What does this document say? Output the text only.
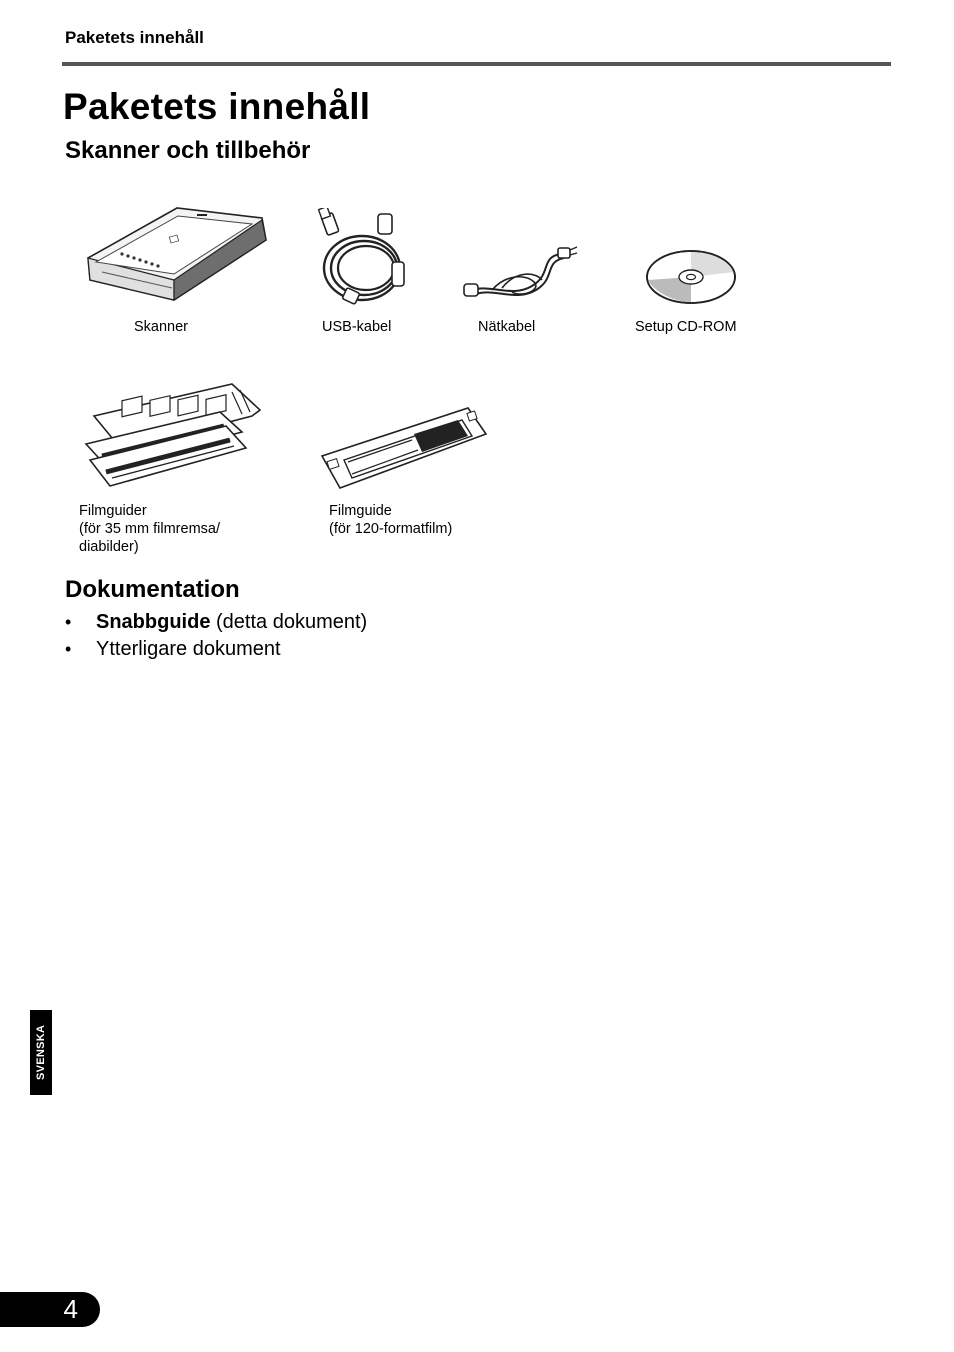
Paketets innehåll
Paketets innehåll
Skanner och tillbehör
Skanner	USB-kabel	Nätkabel	Setup CD-ROM
Filmguider
(för 35 mm filmremsa/
diabilder)
Filmguide
(för 120-formatfilm)
Dokumentation
• Snabbguide (detta dokument)
• Ytterligare dokument
SVENSKA
4
